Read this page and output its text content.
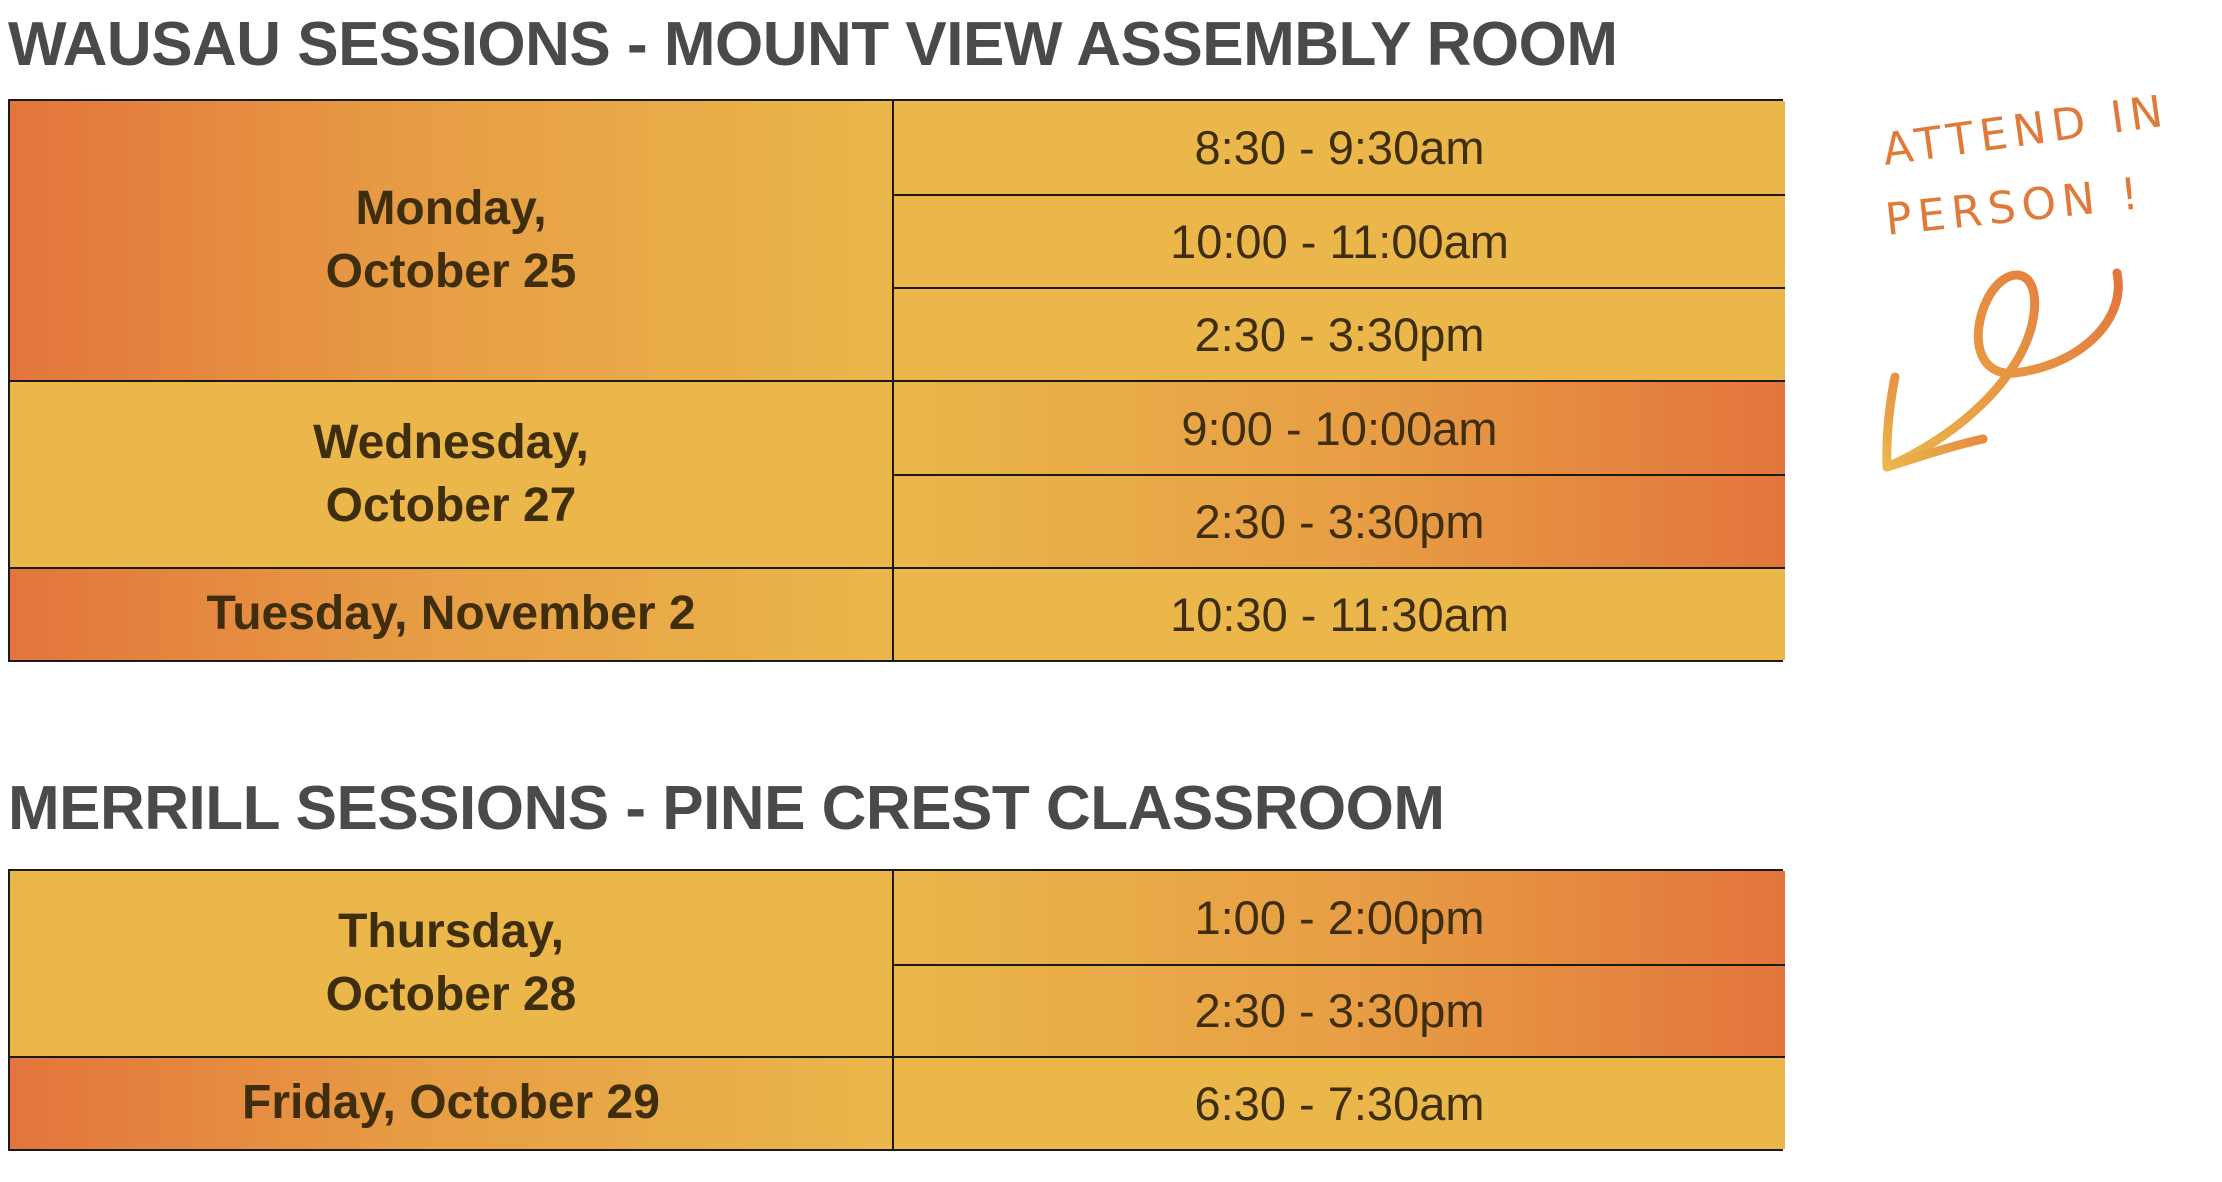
WAUSAU SESSIONS - MOUNT VIEW ASSEMBLY ROOM
Monday,
October 25
8:30 - 9:30am
10:00 - 11:00am
2:30 - 3:30pm
Wednesday,
October 27
9:00 - 10:00am
2:30 - 3:30pm
Tuesday, November 2	10:30 - 11:30am
MERRILL SESSIONS - PINE CREST CLASSROOM
Thursday,
October 28
1:00 - 2:00pm
2:30 - 3:30pm
Friday, October 29	6:30 - 7:30am
ATTEND IN
PERSON !
